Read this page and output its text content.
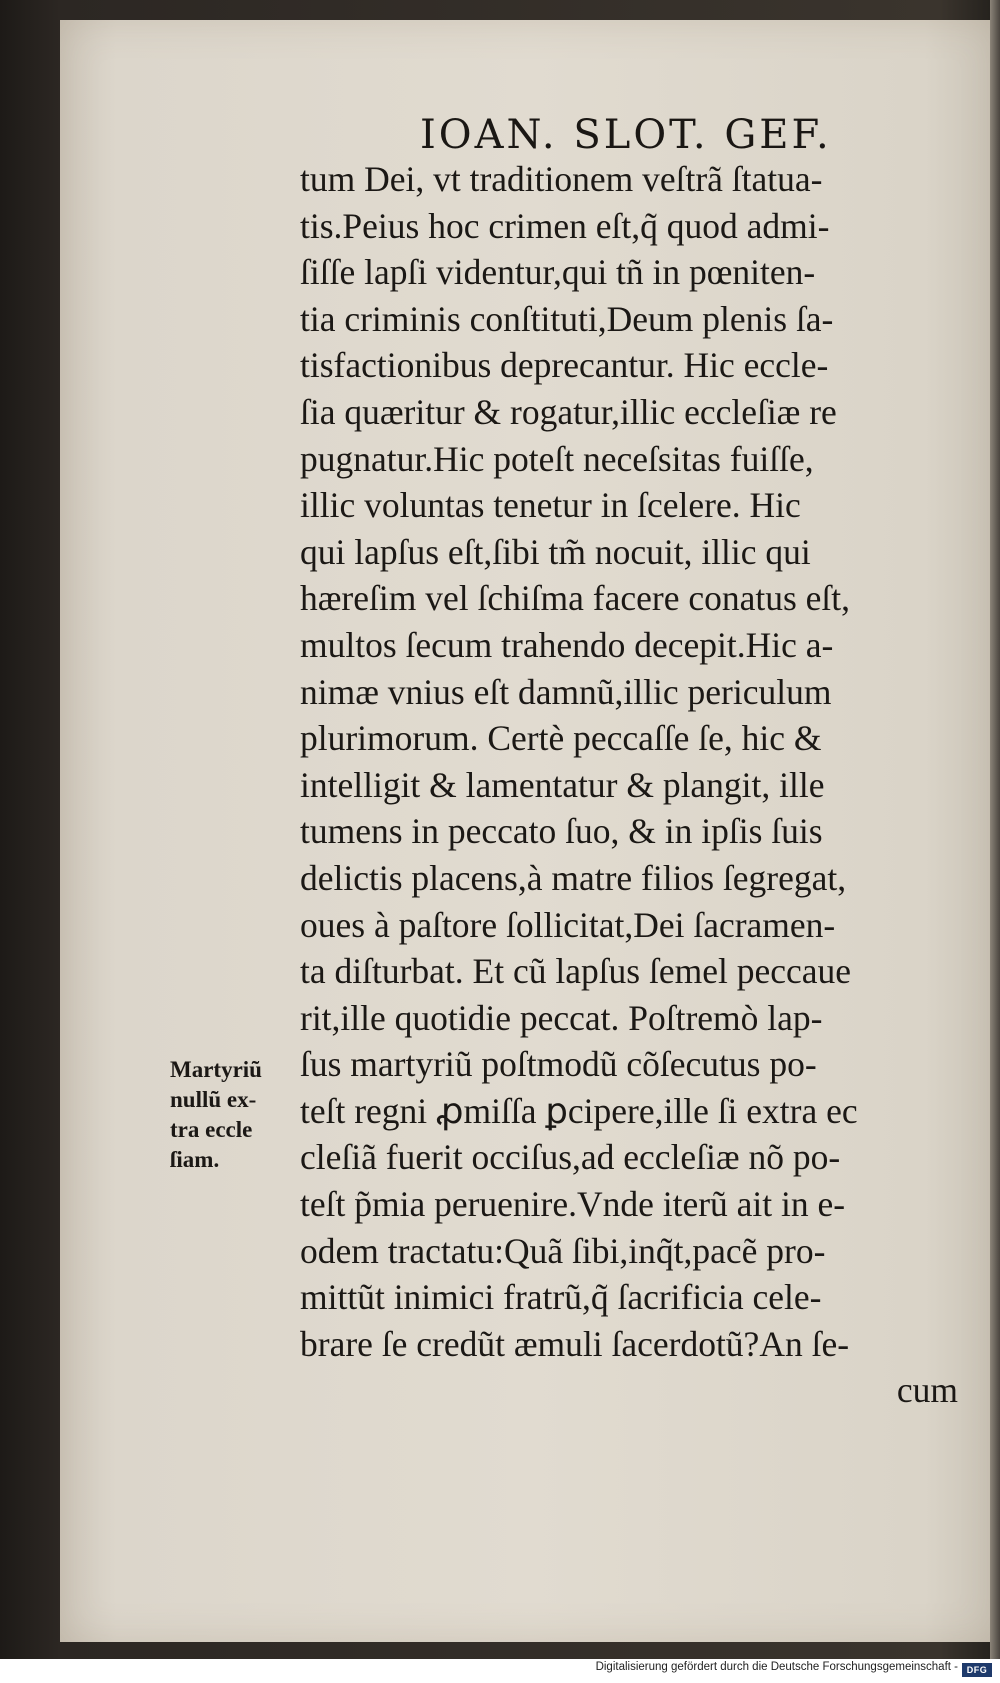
IOAN. SLOT. GEF.
tum Dei, vt traditionem veſtrã ſtatua-
tis.Peius hoc crimen eſt,q̃ quod admi-
ſiſſe lapſi videntur,qui tñ in pœniten-
tia criminis conſtituti,Deum plenis ſa-
tisfactionibus deprecantur. Hic eccle-
ſia quæritur & rogatur,illic eccleſiæ re
pugnatur.Hic poteſt neceſsitas fuiſſe,
illic voluntas tenetur in ſcelere. Hic
qui lapſus eſt,ſibi tm̃ nocuit, illic qui
hæreſim vel ſchiſma facere conatus eſt,
multos ſecum trahendo decepit.Hic a-
nimæ vnius eſt damnũ,illic periculum
plurimorum. Certè peccaſſe ſe, hic &
intelligit & lamentatur & plangit, ille
tumens in peccato ſuo, & in ipſis ſuis
delictis placens,à matre filios ſegregat,
oues à paſtore ſollicitat,Dei ſacramen-
ta diſturbat. Et cũ lapſus ſemel peccaue
rit,ille quotidie peccat. Poſtremò lap-
ſus martyriũ poſtmodũ cõſecutus po-
teſt regni ꝓmiſſa ꝑcipere,ille ſi extra ec
cleſiã fuerit occiſus,ad eccleſiæ nõ po-
teſt p̃mia peruenire.Vnde iterũ ait in e-
odem tractatu:Quã ſibi,inq̃t,pacẽ pro-
mittũt inimici fratrũ,q̃ ſacrificia cele-
brare ſe credũt æmuli ſacerdotũ?An ſe-
cum
Martyriũ
nullũ ex-
tra eccle
ſiam.
Digitalisierung gefördert durch die Deutsche Forschungsgemeinschaft - DFG
